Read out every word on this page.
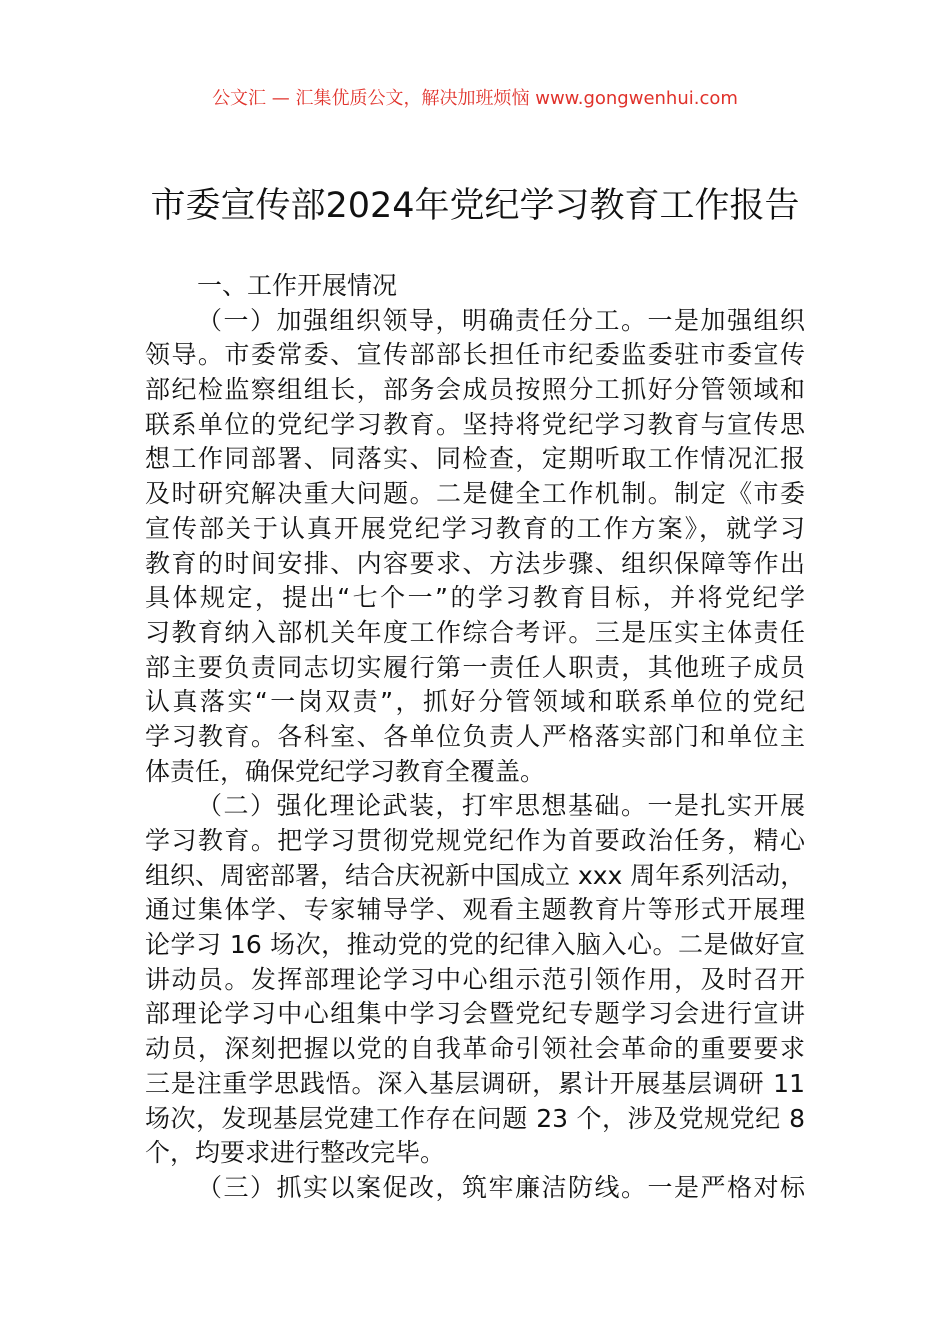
公文汇 — 汇集优质公文，解决加班烦恼 www.gongwenhui.com
市委宣传部2024年党纪学习教育工作报告
一、工作开展情况
（一）加强组织领导，明确责任分工。一是加强组织
领导。市委常委、宣传部部长担任市纪委监委驻市委宣传
部纪检监察组组长，部务会成员按照分工抓好分管领域和
联系单位的党纪学习教育。坚持将党纪学习教育与宣传思
想工作同部署、同落实、同检查，定期听取工作情况汇报
及时研究解决重大问题。二是健全工作机制。制定《市委
宣传部关于认真开展党纪学习教育的工作方案》，就学习
教育的时间安排、内容要求、方法步骤、组织保障等作出
具体规定，提出“七个一”的学习教育目标，并将党纪学
习教育纳入部机关年度工作综合考评。三是压实主体责任
部主要负责同志切实履行第一责任人职责，其他班子成员
认真落实“一岗双责”，抓好分管领域和联系单位的党纪
学习教育。各科室、各单位负责人严格落实部门和单位主
体责任，确保党纪学习教育全覆盖。
（二）强化理论武装，打牢思想基础。一是扎实开展
学习教育。把学习贯彻党规党纪作为首要政治任务，精心
组织、周密部署，结合庆祝新中国成立 xxx 周年系列活动，
通过集体学、专家辅导学、观看主题教育片等形式开展理
论学习 16 场次，推动党的党的纪律入脑入心。二是做好宣
讲动员。发挥部理论学习中心组示范引领作用，及时召开
部理论学习中心组集中学习会暨党纪专题学习会进行宣讲
动员，深刻把握以党的自我革命引领社会革命的重要要求
三是注重学思践悟。深入基层调研，累计开展基层调研 11
场次，发现基层党建工作存在问题 23 个，涉及党规党纪 8
个，均要求进行整改完毕。
（三）抓实以案促改，筑牢廉洁防线。一是严格对标
